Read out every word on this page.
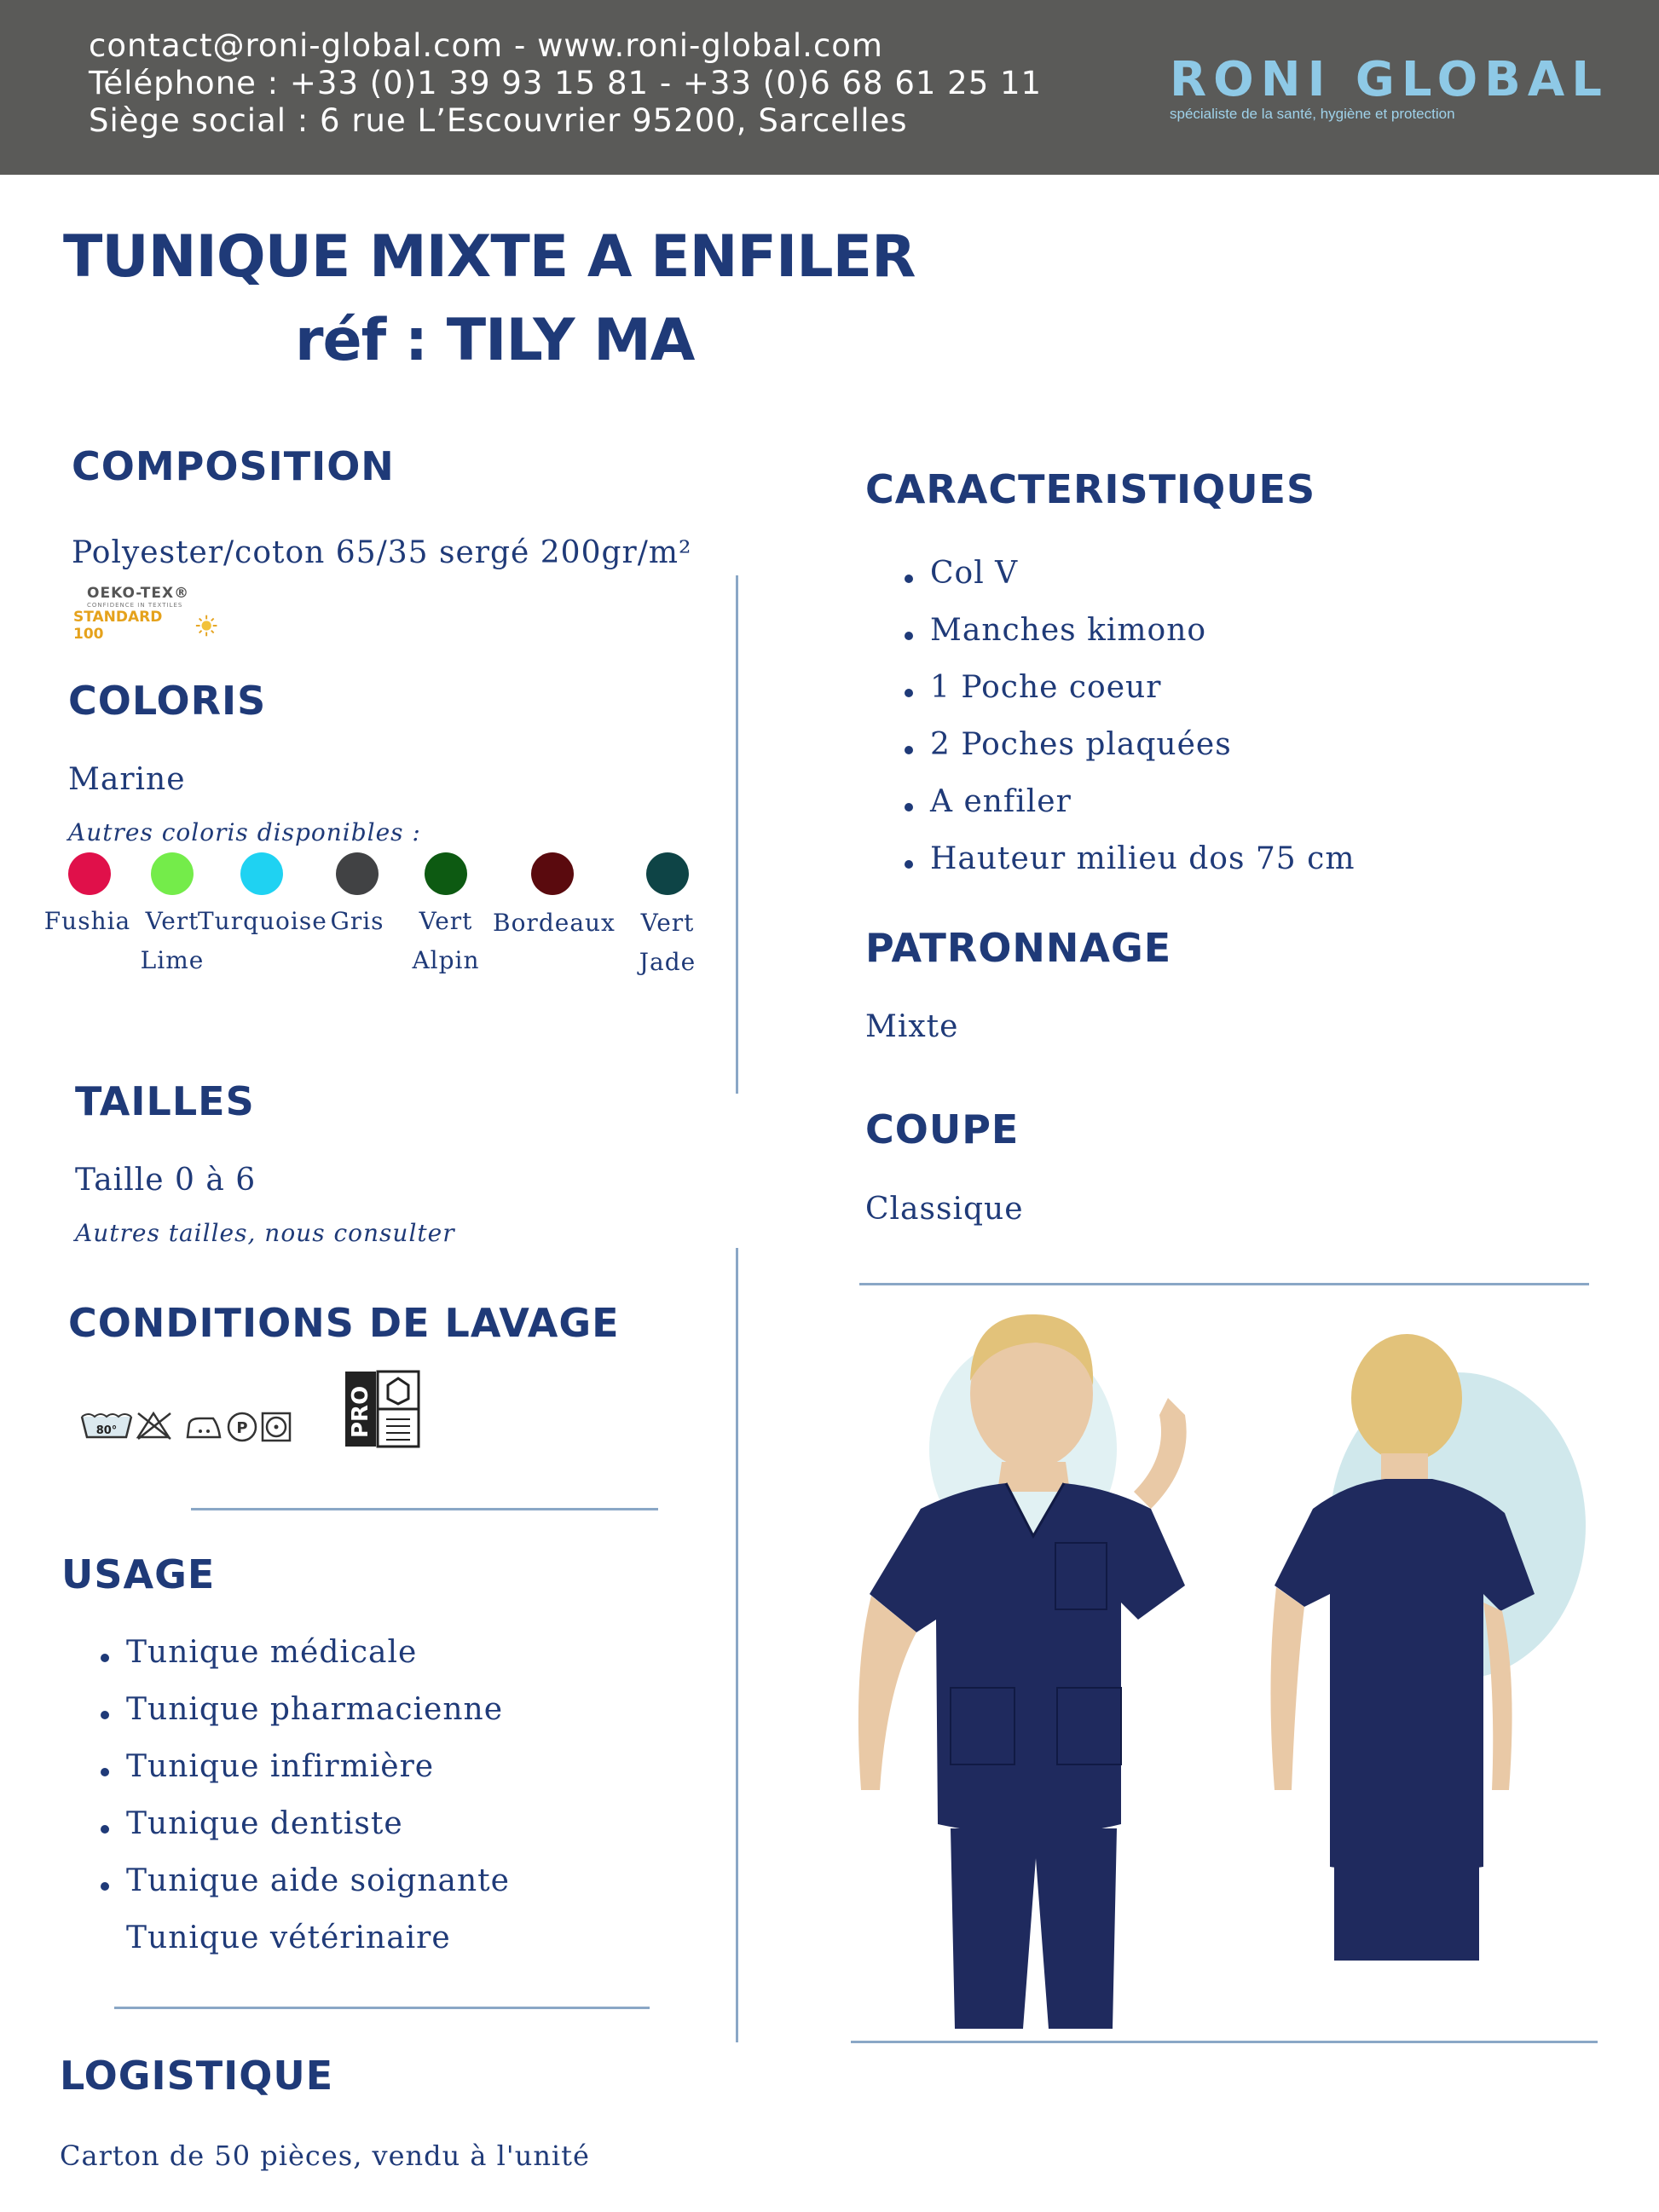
contact@roni-global.com - www.roni-global.com
Téléphone : +33 (0)1 39 93 15 81 - +33 (0)6 68 61 25 11
Siège social : 6 rue L’Escouvrier 95200, Sarcelles
RONI GLOBAL
spécialiste de la santé, hygiène et protection
TUNIQUE MIXTE A ENFILER
réf : TILY MA
COMPOSITION
Polyester/coton 65/35 sergé 200gr/m²
OEKO-TEX®
CONFIDENCE IN TEXTILES
STANDARD 100
COLORIS
Marine
Autres coloris disponibles :
Fushia Vert
Lime
Turquoise Gris	Vert
Alpin
Bordeaux	Vert
Jade
TAILLES
Taille 0 à 6
Autres tailles, nous consulter
CONDITIONS DE LAVAGE
80°	P	PRO
USAGE
Tunique médicale
Tunique pharmacienne
Tunique infirmière
Tunique dentiste
Tunique aide soignante
Tunique vétérinaire
LOGISTIQUE
Carton de 50 pièces, vendu à l'unité
CARACTERISTIQUES
Col V
Manches kimono
1 Poche coeur
2 Poches plaquées
A enfiler
Hauteur milieu dos 75 cm
PATRONNAGE
Mixte
COUPE
Classique
